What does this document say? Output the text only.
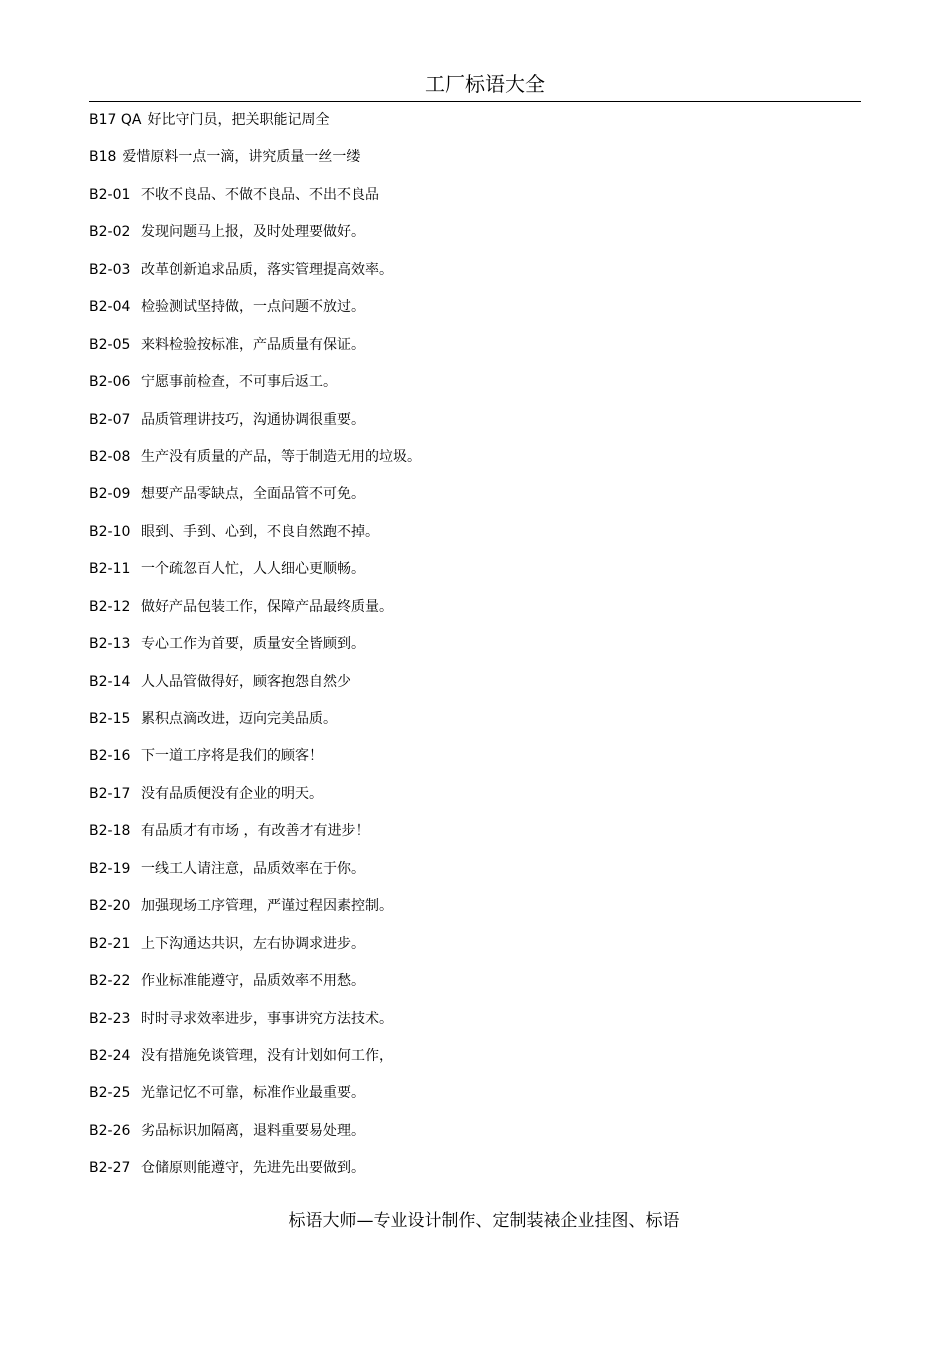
工厂标语大全
B17 QA 好比守门员，把关职能记周全
B18 爱惜原料一点一滴，讲究质量一丝一缕
B2-01 不收不良品、不做不良品、不出不良品
B2-02 发现问题马上报，及时处理要做好。
B2-03 改革创新追求品质，落实管理提高效率。
B2-04 检验测试坚持做，一点问题不放过。
B2-05 来料检验按标准，产品质量有保证。
B2-06 宁愿事前检查，不可事后返工。
B2-07 品质管理讲技巧，沟通协调很重要。
B2-08 生产没有质量的产品，等于制造无用的垃圾。
B2-09 想要产品零缺点，全面品管不可免。
B2-10 眼到、手到、心到，不良自然跑不掉。
B2-11 一个疏忽百人忙，人人细心更顺畅。
B2-12 做好产品包装工作，保障产品最终质量。
B2-13 专心工作为首要，质量安全皆顾到。
B2-14 人人品管做得好，顾客抱怨自然少
B2-15 累积点滴改进，迈向完美品质。
B2-16 下一道工序将是我们的顾客！
B2-17 没有品质便没有企业的明天。
B2-18 有品质才有市场 ，有改善才有进步！
B2-19 一线工人请注意，品质效率在于你。
B2-20 加强现场工序管理，严谨过程因素控制。
B2-21 上下沟通达共识，左右协调求进步。
B2-22 作业标准能遵守，品质效率不用愁。
B2-23 时时寻求效率进步，事事讲究方法技术。
B2-24 没有措施免谈管理，没有计划如何工作，
B2-25 光靠记忆不可靠，标准作业最重要。
B2-26 劣品标识加隔离，退料重要易处理。
B2-27 仓储原则能遵守，先进先出要做到。
标语大师—专业设计制作、定制装裱企业挂图、标语
